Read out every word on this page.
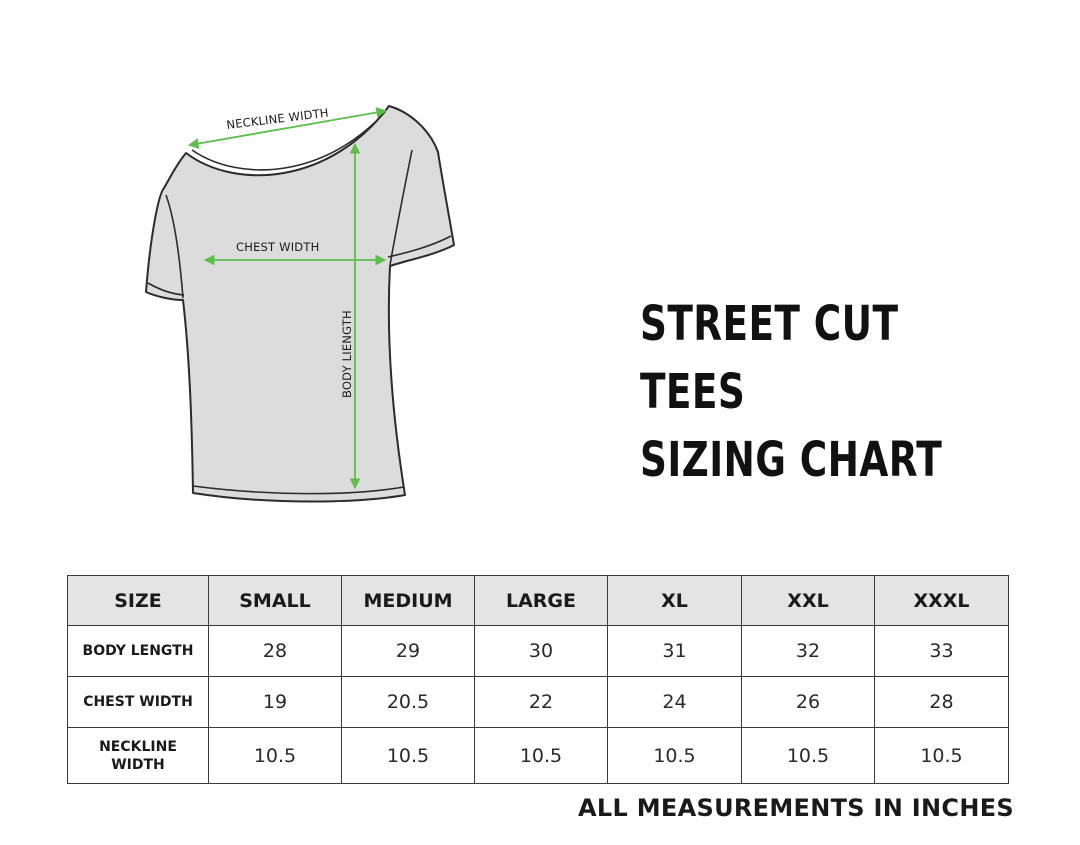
NECKLINE WIDTH
CHEST WIDTH
BODY LIENGTH	STREET CUT
TEES
SIZING CHART
SIZE	SMALL	MEDIUM	LARGE	XL	XXL	XXXL
BODY LENGTH	28	29	30	31	32	33
CHEST WIDTH	19	20.5	22	24	26	28

NECKLINE
WIDTH	10.5	10.5	10.5	10.5	10.5	10.5
ALL MEASUREMENTS IN INCHES
